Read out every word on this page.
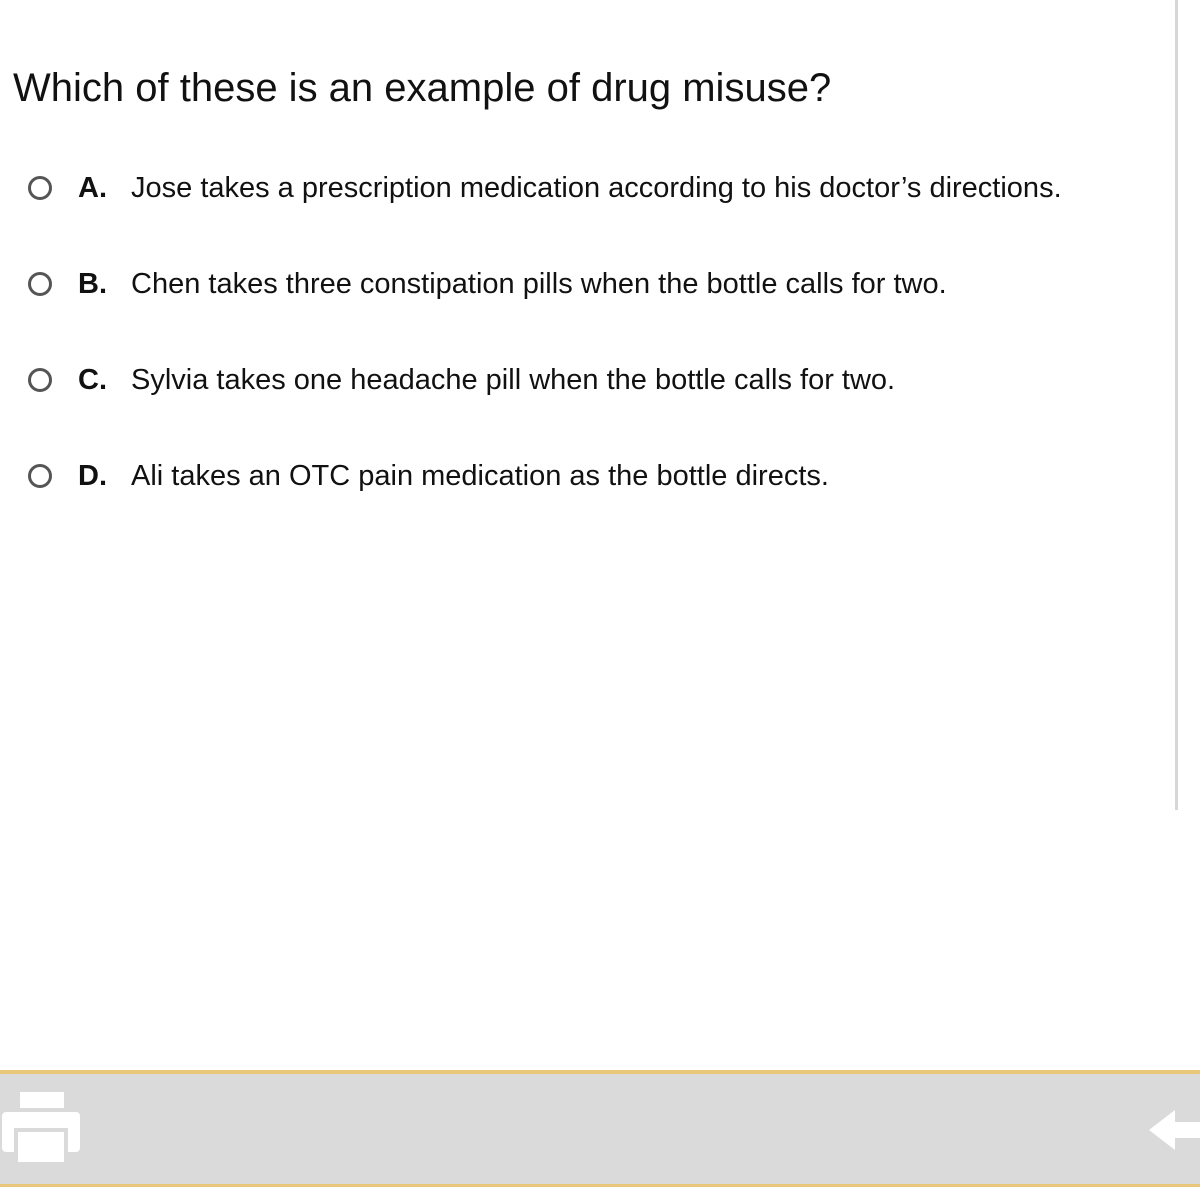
Which of these is an example of drug misuse?
A. Jose takes a prescription medication according to his doctor’s directions.
B. Chen takes three constipation pills when the bottle calls for two.
C. Sylvia takes one headache pill when the bottle calls for two.
D. Ali takes an OTC pain medication as the bottle directs.
